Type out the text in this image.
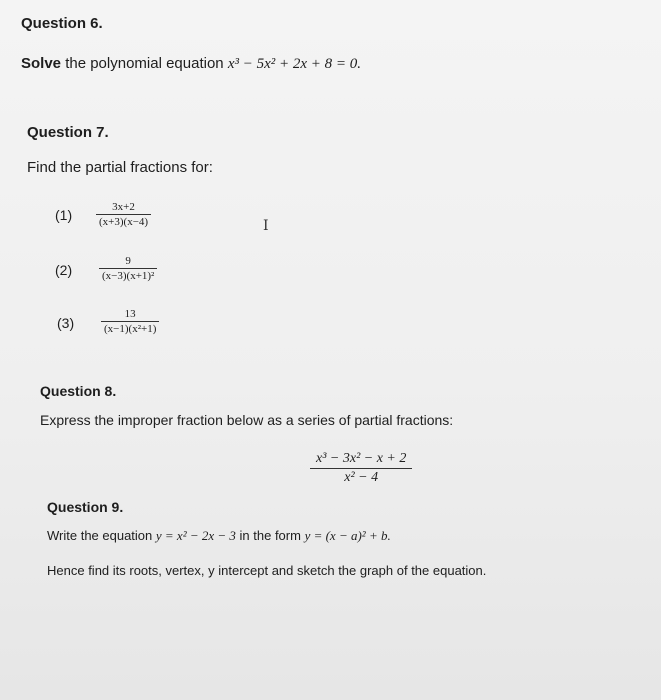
Question 6.
Solve the polynomial equation x³ − 5x² + 2x + 8 = 0.
Question 7.
Find the partial fractions for:
$(1) \frac{3x+2}{(x+3)(x-4)}$	I
$(2) \frac{9}{\text{(x−3)(x+1)²}}$
$(3) \frac{13}{\text{(x−1)(x²+1)}}$
Question 8.
Express the improper fraction below as a series of partial fractions:
$\frac{\text{x³ − 3x² − x + 2}}{\text{x² − 4}}$
Question 9.
Write the equation y = x² − 2x − 3 in the form y = (x − a)² + b.
Hence find its roots, vertex, y intercept and sketch the graph of the equation.
